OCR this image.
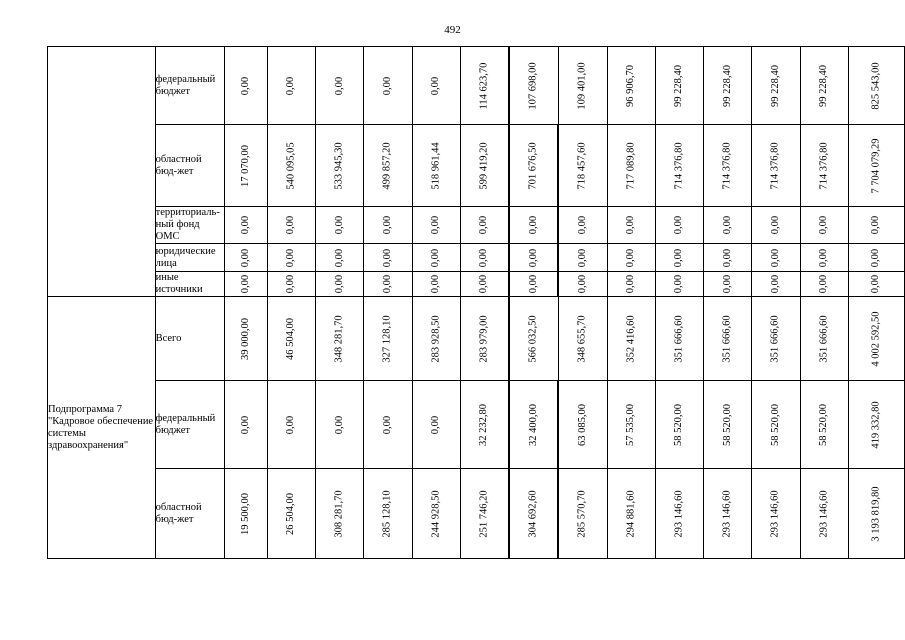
492
	федеральный бюджет	0,00	0,00	0,00	0,00	0,00	114 623,70	107 698,00	109 401,00	96 906,70	99 228,40	99 228,40	99 228,40	99 228,40	825 543,00
	областной бюд-жет	17 070,00	540 095,05	533 945,30	499 857,20	518 961,44	599 419,20	701 676,50	718 457,60	717 089,80	714 376,80	714 376,80	714 376,80	714 376,80	7 704 079,29
	территориаль-ный фонд ОМС	0,00	0,00	0,00	0,00	0,00	0,00	0,00	0,00	0,00	0,00	0,00	0,00	0,00	0,00
	юридические лица	0,00	0,00	0,00	0,00	0,00	0,00	0,00	0,00	0,00	0,00	0,00	0,00	0,00	0,00
	иные источники	0,00	0,00	0,00	0,00	0,00	0,00	0,00	0,00	0,00	0,00	0,00	0,00	0,00	0,00
Подпрограмма 7 "Кадровое обеспечение системы здравоохранения"	Всего	39 000,00	46 504,00	348 281,70	327 128,10	283 928,50	283 979,00	566 032,50	348 655,70	352 416,60	351 666,60	351 666,60	351 666,60	351 666,60	4 002 592,50
	федеральный бюджет	0,00	0,00	0,00	0,00	0,00	32 232,80	32 400,00	63 085,00	57 535,00	58 520,00	58 520,00	58 520,00	58 520,00	419 332,80
	областной бюд-жет	19 500,00	26 504,00	308 281,70	285 128,10	244 928,50	251 746,20	304 692,60	285 570,70	294 881,60	293 146,60	293 146,60	293 146,60	293 146,60	3 193 819,80
